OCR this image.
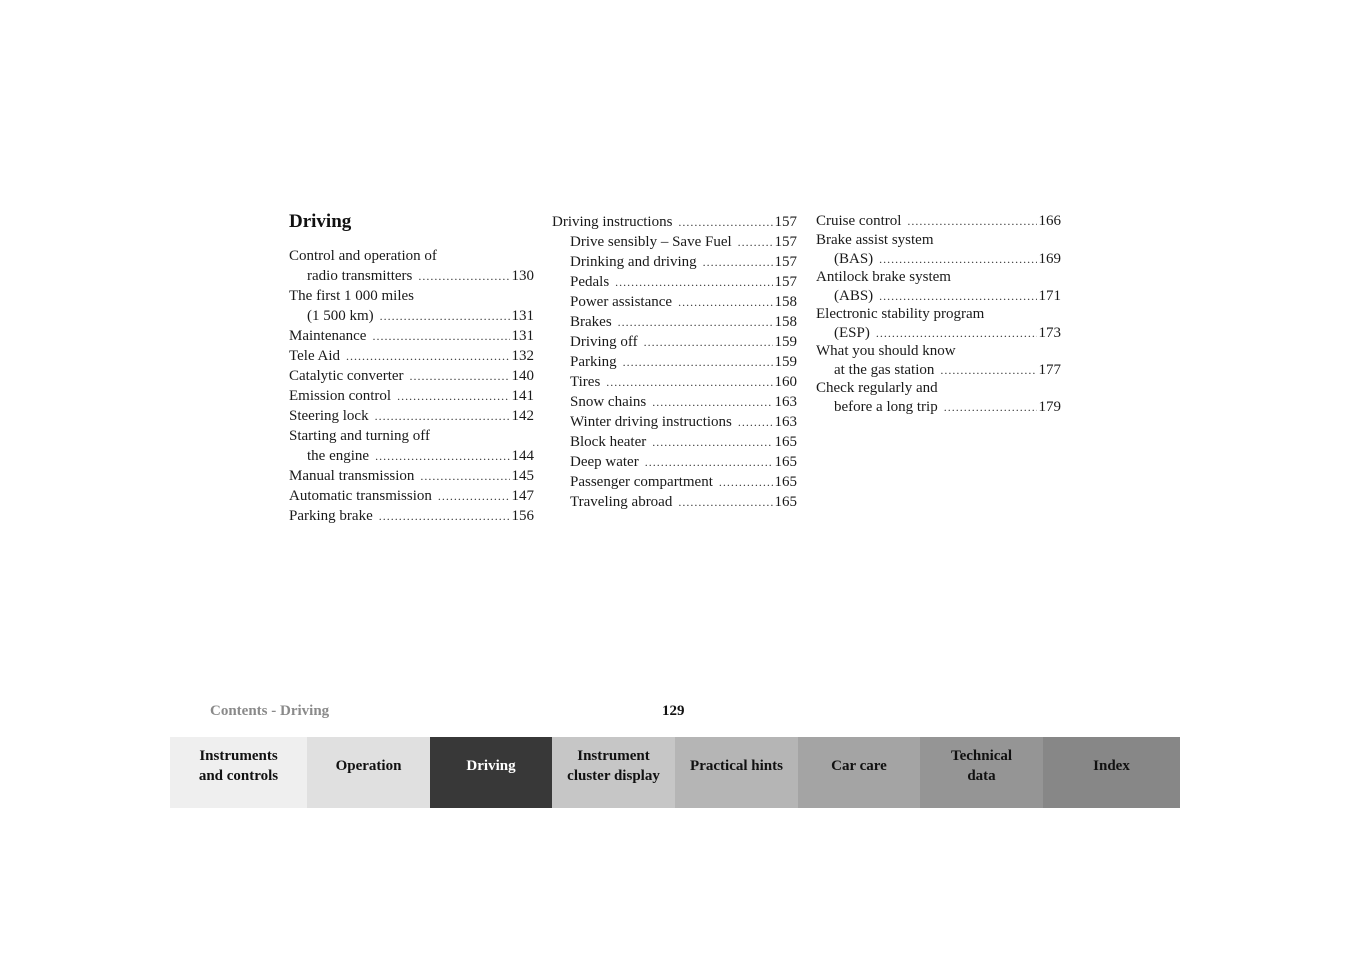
Driving
Control and operation of
radio transmitters .....	130
The first 1 000 miles
(1 500 km) .....	131
Maintenance .....	131
Tele Aid .....	132
Catalytic converter .....	140
Emission control .....	141
Steering lock .....	142
Starting and turning off
the engine .....	144
Manual transmission .....	145
Automatic transmission .....	147
Parking brake .....	156
Driving instructions .....	157
Drive sensibly – Save Fuel .....	157
Drinking and driving .....	157
Pedals .....	157
Power assistance .....	158
Brakes .....	158
Driving off .....	159
Parking .....	159
Tires .....	160
Snow chains .....	163
Winter driving instructions .....	163
Block heater .....	165
Deep water .....	165
Passenger compartment .....	165
Traveling abroad .....	165
Cruise control .....	166
Brake assist system
(BAS) .....	169
Antilock brake system
(ABS) .....	171
Electronic stability program
(ESP) .....	173
What you should know
at the gas station .....	177
Check regularly and
before a long trip .....	179
Contents - Driving	129
Instruments
and controls
Operation	Driving
Instrument
cluster display
Practical hints	Car care
Technical
data
Index
